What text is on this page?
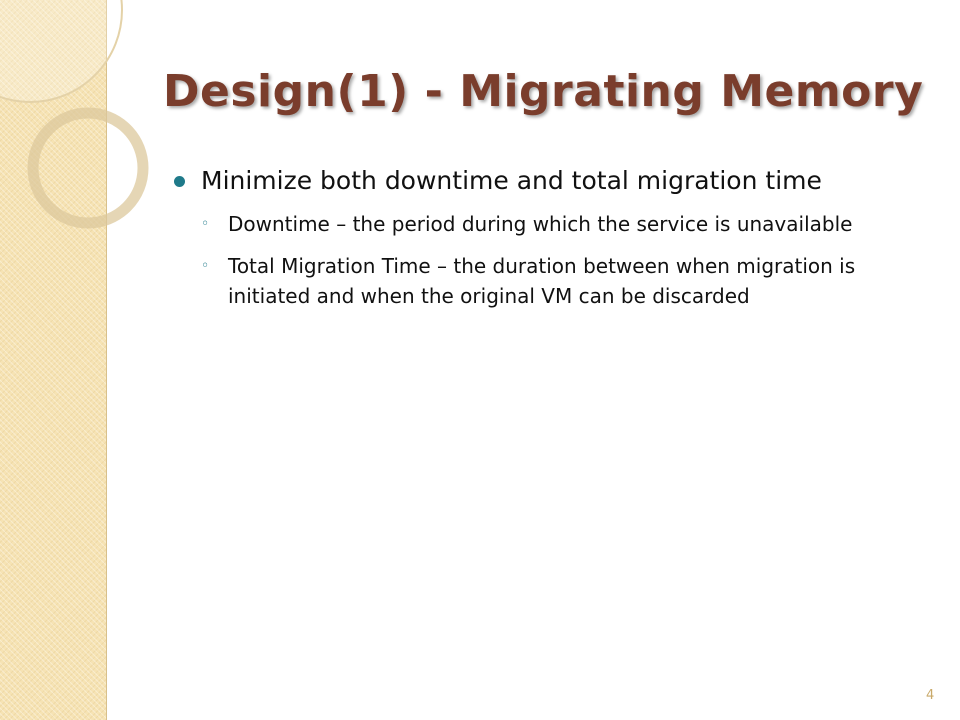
Design(1) - Migrating Memory
Minimize both downtime and total migration time
◦ Downtime – the period during which the service is unavailable
◦ Total Migration Time – the duration between when migration is initiated and when the original VM can be discarded
4
